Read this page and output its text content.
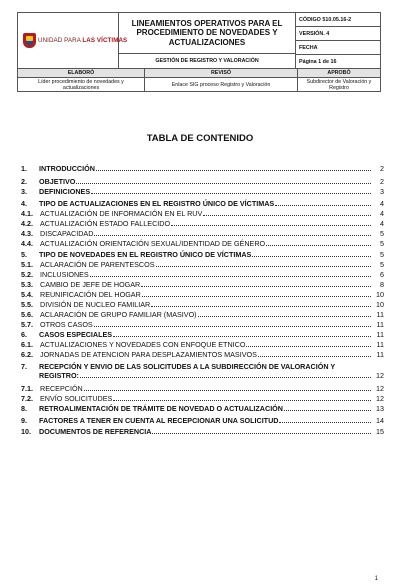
UNIDAD PARA LAS VÍCTIMAS
LINEAMIENTOS OPERATIVOS PARA EL PROCEDIMIENTO DE NOVEDADES Y ACTUALIZACIONES
GESTIÓN DE REGISTRO Y VALORACIÓN
CÓDIGO 510.05.16-2
VERSIÓN. 4
FECHA
Página 1 de 16
ELABORÓ	REVISÓ	APROBÓ
Líder procedimiento de novedades y actualizaciones	Enlace SIG proceso Registro y Valoración	Subdirector de Valoración y Registro
TABLA DE CONTENIDO
1. INTRODUCCIÓN	2
2. OBJETIVO	2
3. DEFINICIONES	3
4. TIPO DE ACTUALIZACIONES EN EL REGISTRO ÚNICO DE VÍCTIMAS	4
4.1. ACTUALIZACIÓN DE INFORMACIÓN EN EL RUV	4
4.2. ACTUALIZACIÓN ESTADO FALLECIDO	4
4.3. DISCAPACIDAD	5
4.4. ACTUALIZACIÓN ORIENTACIÓN SEXUAL/IDENTIDAD DE GÉNERO	5
5. TIPO DE NOVEDADES EN EL REGISTRO ÚNICO DE VÍCTIMAS	5
5.1. ACLARACIÓN DE PARENTESCOS	5
5.2. INCLUSIONES	6
5.3. CAMBIO DE JEFE DE HOGAR	8
5.4. REUNIFICACIÓN DEL HOGAR	10
5.5. DIVISIÓN DE NUCLEO FAMILIAR	10
5.6. ACLARACIÓN DE GRUPO FAMILIAR (MASIVO)	11
5.7. OTROS CASOS	11
6. CASOS ESPECIALES	11
6.1. ACTUALIZACIONES Y NOVEDADES CON ENFOQUE ETNICO	11
6.2. JORNADAS DE ATENCION PARA DESPLAZAMIENTOS MASIVOS	11
7. RECEPCIÓN Y ENVIO DE LAS SOLICITUDES A LA SUBDIRECCIÓN DE VALORACIÓN Y
REGISTRO:	12
7.1. RECEPCIÓN	12
7.2. ENVÍO SOLICITUDES	12
8. RETROALIMENTACIÓN DE TRÁMITE DE NOVEDAD O ACTUALIZACIÓN	13
9. FACTORES A TENER EN CUENTA AL RECEPCIONAR UNA SOLICITUD	14
10. DOCUMENTOS DE REFERENCIA	15
1
